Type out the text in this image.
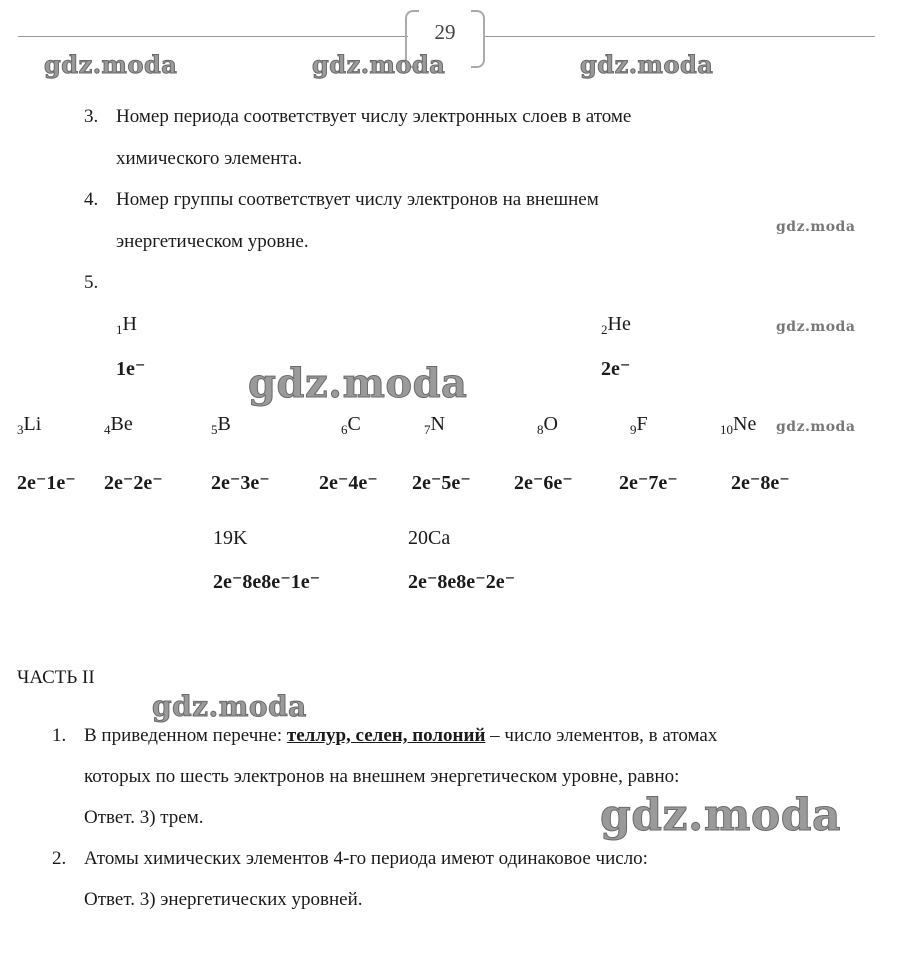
29
gdz.moda	gdz.moda	gdz.moda
gdz.moda
gdz.moda
gdz.moda
gdz.moda
gdz.moda
gdz.moda
3. Номер периода соответствует числу электронных слоев в атоме
химического элемента.
4. Номер группы соответствует числу электронов на внешнем
энергетическом уровне.
5.
$_1$H
1e⁻
$_2$He
2e⁻
$_3$Li
2e⁻1e⁻
$_4$Be
2e⁻2e⁻
$_5$B
2e⁻3e⁻
$_6$C
2e⁻4e⁻
$_7$N
2e⁻5e⁻
$_8$O
2e⁻6e⁻
$_9$F
2e⁻7e⁻
$_{10}$Ne
2e⁻8e⁻
19K
2e⁻8e8e⁻1e⁻
20Ca
2e⁻8e8e⁻2e⁻
ЧАСТЬ II
1. В приведенном перечне: теллур, селен, полоний – число элементов, в атомах
которых по шесть электронов на внешнем энергетическом уровне, равно:
Ответ. 3) трем.
2. Атомы химических элементов 4-го периода имеют одинаковое число:
Ответ. 3) энергетических уровней.
